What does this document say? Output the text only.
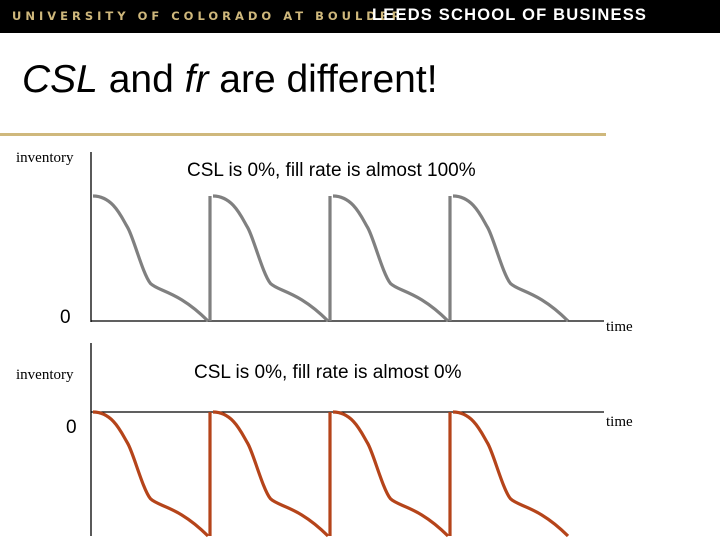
UNIVERSITY OF COLORADO AT BOULDER
LEEDS SCHOOL OF BUSINESS
CSL and fr are different!
inventory
CSL is 0%, fill rate is almost 100%
0	time
inventory	CSL is 0%, fill rate is almost 0%
0	time
